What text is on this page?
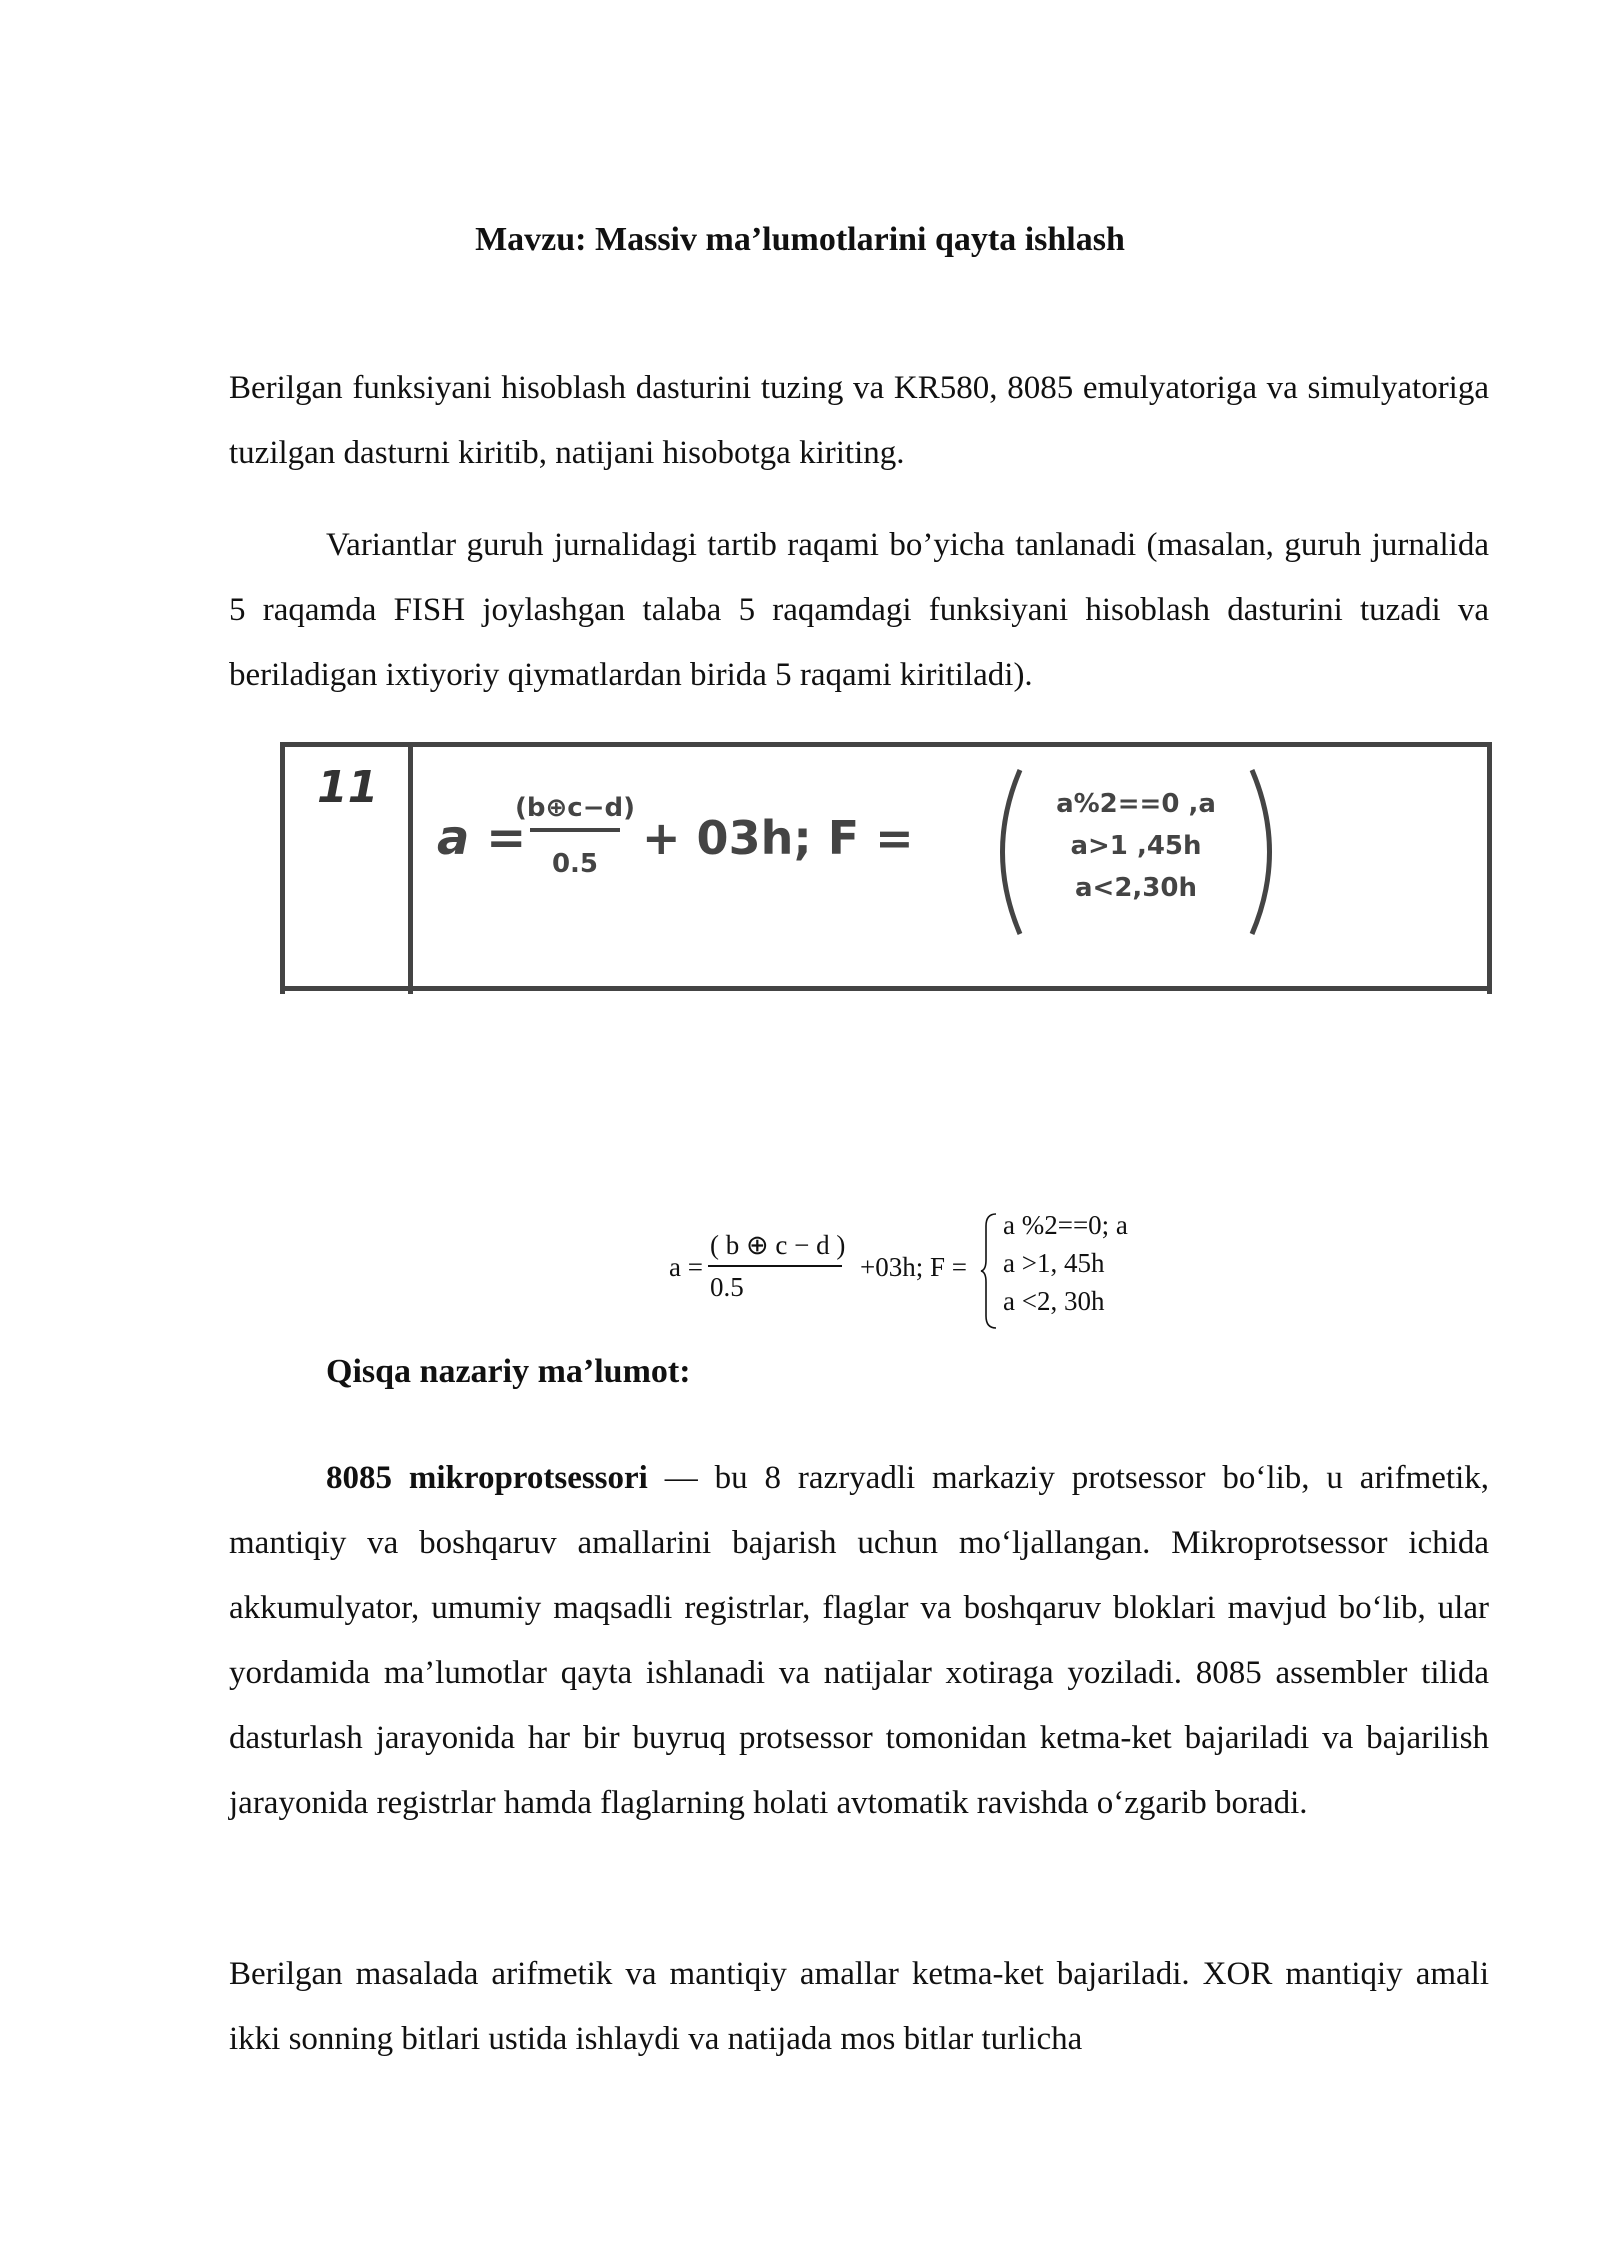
Mavzu: Massiv ma’lumotlarini qayta ishlash

Berilgan funksiyani hisoblash dasturini tuzing va KR580, 8085 emulyatoriga va simulyatoriga tuzilgan dasturni kiritib, natijani hisobotga kiriting.

Variantlar guruh jurnalidagi tartib raqami bo’yicha tanlanadi (masalan, guruh jurnalida 5 raqamda FISH joylashgan talaba 5 raqamdagi funksiyani hisoblash dasturini tuzadi va beriladigan ixtiyoriy qiymatlardan birida 5 raqami kiritiladi).

11
a =
(b⊕c−d)
0.5 + 03h; F =
a%2==0 ,a
a>1 ,45h
a<2,30h
a =
( b ⊕ c − d )
0.5
+03h; F =
a %2==0; a
a >1, 45h
a <2, 30h
Qisqa nazariy ma’lumot:

8085 mikroprotsessori — bu 8 razryadli markaziy protsessor bo‘lib, u arifmetik, mantiqiy va boshqaruv amallarini bajarish uchun mo‘ljallangan. Mikroprotsessor ichida akkumulyator, umumiy maqsadli registrlar, flaglar va boshqaruv bloklari mavjud bo‘lib, ular yordamida ma’lumotlar qayta ishlanadi va natijalar xotiraga yoziladi. 8085 assembler tilida dasturlash jarayonida har bir buyruq protsessor tomonidan ketma-ket bajariladi va bajarilish jarayonida registrlar hamda flaglarning holati avtomatik ravishda o‘zgarib boradi.

Berilgan masalada arifmetik va mantiqiy amallar ketma-ket bajariladi. XOR mantiqiy amali ikki sonning bitlari ustida ishlaydi va natijada mos bitlar turlicha
